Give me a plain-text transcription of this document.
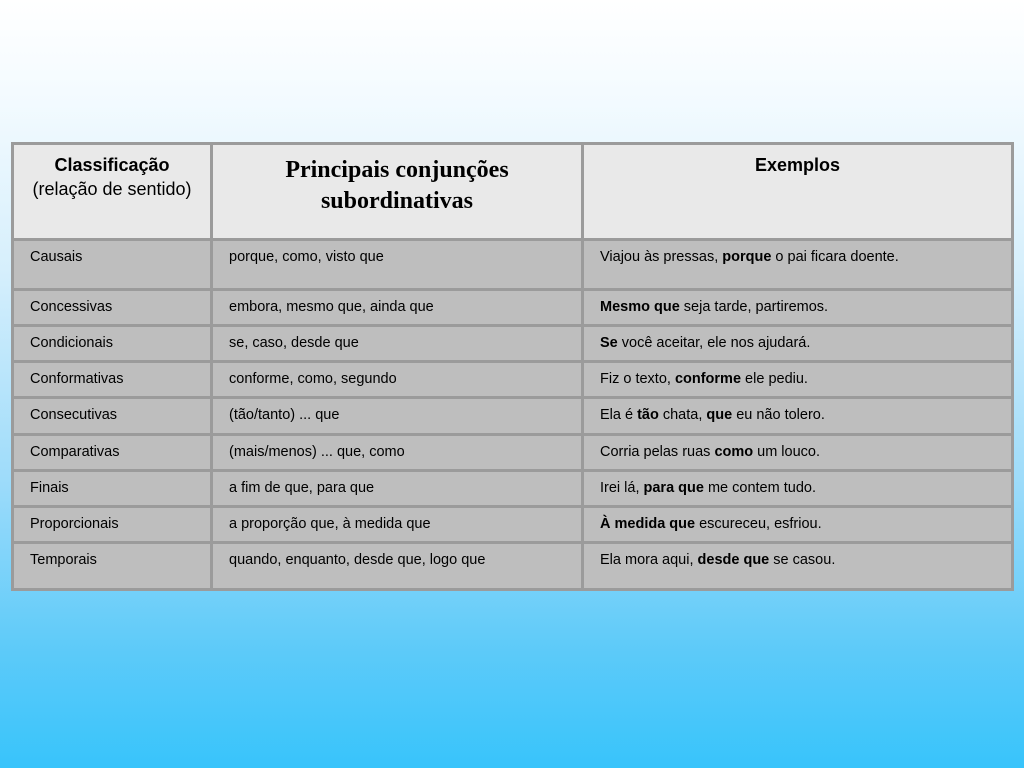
Classificação
(relação de sentido)	Principais conjunções subordinativas	Exemplos
Causais	porque, como, visto que	Viajou às pressas, porque o pai ficara doente.
Concessivas	embora, mesmo que, ainda que	Mesmo que seja tarde, partiremos.
Condicionais	se, caso, desde que	Se você aceitar, ele nos ajudará.
Conformativas	conforme, como, segundo	Fiz o texto, conforme ele pediu.
Consecutivas	(tão/tanto) ... que	Ela é tão chata, que eu não tolero.
Comparativas	(mais/menos) ... que, como	Corria pelas ruas como um louco.
Finais	a fim de que, para que	Irei lá, para que me contem tudo.
Proporcionais	a proporção que, à medida que	À medida que escureceu, esfriou.
Temporais	quando, enquanto, desde que, logo que	Ela mora aqui, desde que se casou.
